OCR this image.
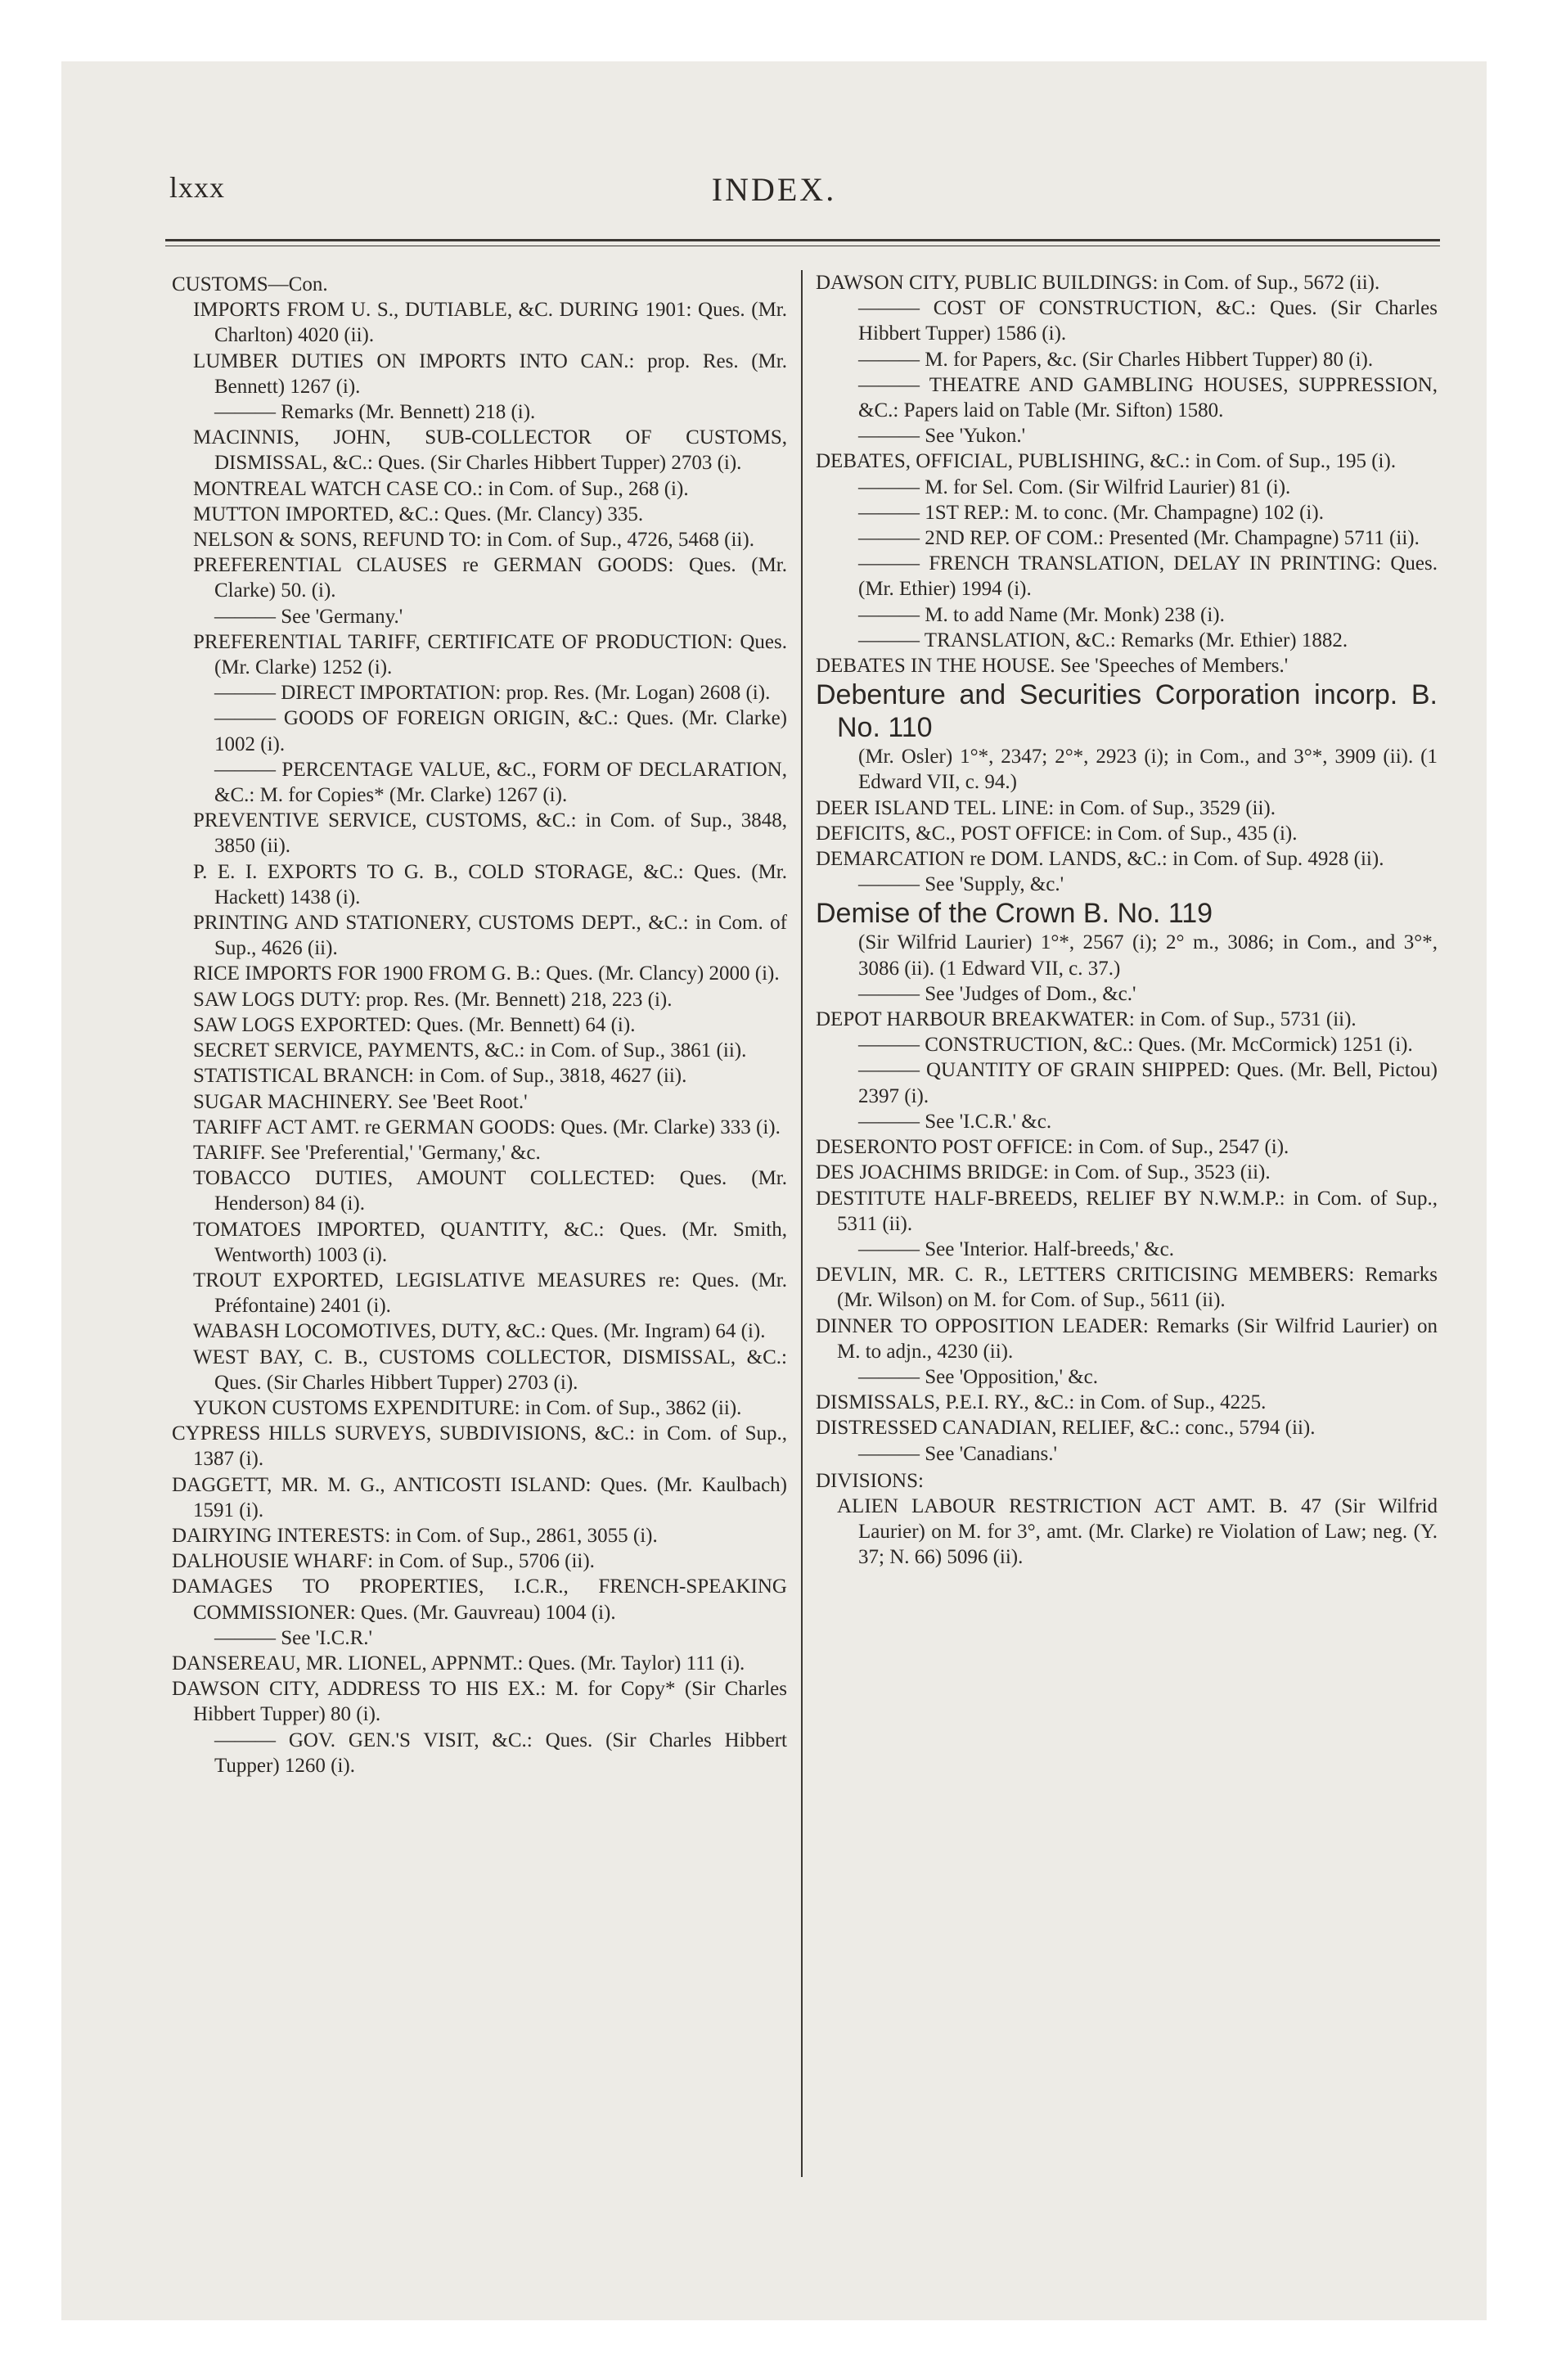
lxxx	INDEX.

CUSTOMS—Con.

IMPORTS FROM U. S., DUTIABLE, &C. DURING 1901: Ques. (Mr. Charlton) 4020 (ii).

LUMBER DUTIES ON IMPORTS INTO CAN.: prop. Res. (Mr. Bennett) 1267 (i).

——— Remarks (Mr. Bennett) 218 (i).

MACINNIS, JOHN, SUB-COLLECTOR OF CUSTOMS, DISMISSAL, &C.: Ques. (Sir Charles Hibbert Tupper) 2703 (i).

MONTREAL WATCH CASE CO.: in Com. of Sup., 268 (i).

MUTTON IMPORTED, &C.: Ques. (Mr. Clancy) 335.

NELSON & SONS, REFUND TO: in Com. of Sup., 4726, 5468 (ii).

PREFERENTIAL CLAUSES re GERMAN GOODS: Ques. (Mr. Clarke) 50. (i).

——— See 'Germany.'

PREFERENTIAL TARIFF, CERTIFICATE OF PRODUCTION: Ques. (Mr. Clarke) 1252 (i).

——— DIRECT IMPORTATION: prop. Res. (Mr. Logan) 2608 (i).

——— GOODS OF FOREIGN ORIGIN, &C.: Ques. (Mr. Clarke) 1002 (i).

——— PERCENTAGE VALUE, &C., FORM OF DECLARATION, &C.: M. for Copies* (Mr. Clarke) 1267 (i).

PREVENTIVE SERVICE, CUSTOMS, &C.: in Com. of Sup., 3848, 3850 (ii).

P. E. I. EXPORTS TO G. B., COLD STORAGE, &C.: Ques. (Mr. Hackett) 1438 (i).

PRINTING AND STATIONERY, CUSTOMS DEPT., &C.: in Com. of Sup., 4626 (ii).

RICE IMPORTS FOR 1900 FROM G. B.: Ques. (Mr. Clancy) 2000 (i).

SAW LOGS DUTY: prop. Res. (Mr. Bennett) 218, 223 (i).

SAW LOGS EXPORTED: Ques. (Mr. Bennett) 64 (i).

SECRET SERVICE, PAYMENTS, &C.: in Com. of Sup., 3861 (ii).

STATISTICAL BRANCH: in Com. of Sup., 3818, 4627 (ii).

SUGAR MACHINERY. See 'Beet Root.'

TARIFF ACT AMT. re GERMAN GOODS: Ques. (Mr. Clarke) 333 (i).

TARIFF. See 'Preferential,' 'Germany,' &c.

TOBACCO DUTIES, AMOUNT COLLECTED: Ques. (Mr. Henderson) 84 (i).

TOMATOES IMPORTED, QUANTITY, &C.: Ques. (Mr. Smith, Wentworth) 1003 (i).

TROUT EXPORTED, LEGISLATIVE MEASURES re: Ques. (Mr. Préfontaine) 2401 (i).

WABASH LOCOMOTIVES, DUTY, &C.: Ques. (Mr. Ingram) 64 (i).

WEST BAY, C. B., CUSTOMS COLLECTOR, DISMISSAL, &C.: Ques. (Sir Charles Hibbert Tupper) 2703 (i).

YUKON CUSTOMS EXPENDITURE: in Com. of Sup., 3862 (ii).

CYPRESS HILLS SURVEYS, SUBDIVISIONS, &C.: in Com. of Sup., 1387 (i).

DAGGETT, MR. M. G., ANTICOSTI ISLAND: Ques. (Mr. Kaulbach) 1591 (i).

DAIRYING INTERESTS: in Com. of Sup., 2861, 3055 (i).

DALHOUSIE WHARF: in Com. of Sup., 5706 (ii).

DAMAGES TO PROPERTIES, I.C.R., FRENCH-SPEAKING COMMISSIONER: Ques. (Mr. Gauvreau) 1004 (i).

——— See 'I.C.R.'

DANSEREAU, MR. LIONEL, APPNMT.: Ques. (Mr. Taylor) 111 (i).

DAWSON CITY, ADDRESS TO HIS EX.: M. for Copy* (Sir Charles Hibbert Tupper) 80 (i).

——— GOV. GEN.'S VISIT, &C.: Ques. (Sir Charles Hibbert Tupper) 1260 (i).

DAWSON CITY, PUBLIC BUILDINGS: in Com. of Sup., 5672 (ii).

——— COST OF CONSTRUCTION, &C.: Ques. (Sir Charles Hibbert Tupper) 1586 (i).

——— M. for Papers, &c. (Sir Charles Hibbert Tupper) 80 (i).

——— THEATRE AND GAMBLING HOUSES, SUPPRESSION, &C.: Papers laid on Table (Mr. Sifton) 1580.

——— See 'Yukon.'

DEBATES, OFFICIAL, PUBLISHING, &C.: in Com. of Sup., 195 (i).

——— M. for Sel. Com. (Sir Wilfrid Laurier) 81 (i).

——— 1ST REP.: M. to conc. (Mr. Champagne) 102 (i).

——— 2ND REP. OF COM.: Presented (Mr. Champagne) 5711 (ii).

——— FRENCH TRANSLATION, DELAY IN PRINTING: Ques. (Mr. Ethier) 1994 (i).

——— M. to add Name (Mr. Monk) 238 (i).

——— TRANSLATION, &C.: Remarks (Mr. Ethier) 1882.

DEBATES IN THE HOUSE. See 'Speeches of Members.'

Debenture and Securities Corporation incorp. B. No. 110

(Mr. Osler) 1°*, 2347; 2°*, 2923 (i); in Com., and 3°*, 3909 (ii). (1 Edward VII, c. 94.)

DEER ISLAND TEL. LINE: in Com. of Sup., 3529 (ii).

DEFICITS, &C., POST OFFICE: in Com. of Sup., 435 (i).

DEMARCATION re DOM. LANDS, &C.: in Com. of Sup. 4928 (ii).

——— See 'Supply, &c.'

Demise of the Crown B. No. 119

(Sir Wilfrid Laurier) 1°*, 2567 (i); 2° m., 3086; in Com., and 3°*, 3086 (ii). (1 Edward VII, c. 37.)

——— See 'Judges of Dom., &c.'

DEPOT HARBOUR BREAKWATER: in Com. of Sup., 5731 (ii).

——— CONSTRUCTION, &C.: Ques. (Mr. McCormick) 1251 (i).

——— QUANTITY OF GRAIN SHIPPED: Ques. (Mr. Bell, Pictou) 2397 (i).

——— See 'I.C.R.' &c.

DESERONTO POST OFFICE: in Com. of Sup., 2547 (i).

DES JOACHIMS BRIDGE: in Com. of Sup., 3523 (ii).

DESTITUTE HALF-BREEDS, RELIEF BY N.W.M.P.: in Com. of Sup., 5311 (ii).

——— See 'Interior. Half-breeds,' &c.

DEVLIN, MR. C. R., LETTERS CRITICISING MEMBERS: Remarks (Mr. Wilson) on M. for Com. of Sup., 5611 (ii).

DINNER TO OPPOSITION LEADER: Remarks (Sir Wilfrid Laurier) on M. to adjn., 4230 (ii).

——— See 'Opposition,' &c.

DISMISSALS, P.E.I. RY., &C.: in Com. of Sup., 4225.

DISTRESSED CANADIAN, RELIEF, &C.: conc., 5794 (ii).

——— See 'Canadians.'

DIVISIONS:

ALIEN LABOUR RESTRICTION ACT AMT. B. 47 (Sir Wilfrid Laurier) on M. for 3°, amt. (Mr. Clarke) re Violation of Law; neg. (Y. 37; N. 66) 5096 (ii).
